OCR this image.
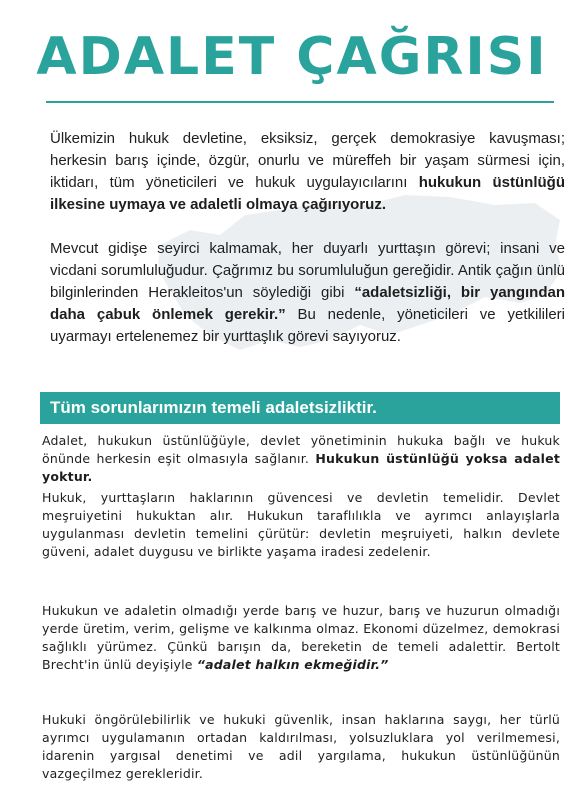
ADALET ÇAĞRISI

Ülkemizin hukuk devletine, eksiksiz, gerçek demokrasiye kavuşması; herkesin barış içinde, özgür, onurlu ve müreffeh bir yaşam sürmesi için, iktidarı, tüm yöneticileri ve hukuk uygulayıcılarını hukukun üstünlüğü ilkesine uymaya ve adaletli olmaya çağırıyoruz.

Mevcut gidişe seyirci kalmamak, her duyarlı yurttaşın görevi; insani ve vicdani sorumluluğudur. Çağrımız bu sorumluluğun gereğidir. Antik çağın ünlü bilginlerinden Herakleitos'un söylediği gibi “adaletsizliği, bir yangından daha çabuk önlemek gerekir.” Bu nedenle, yöneticileri ve yetkilileri uyarmayı ertelenemez bir yurttaşlık görevi sayıyoruz.

Tüm sorunlarımızın temeli adaletsizliktir.

Adalet, hukukun üstünlüğüyle, devlet yönetiminin hukuka bağlı ve hukuk önünde herkesin eşit olmasıyla sağlanır. Hukukun üstünlüğü yoksa adalet yoktur.

Hukuk, yurttaşların haklarının güvencesi ve devletin temelidir. Devlet meşruiyetini hukuktan alır. Hukukun taraflılıkla ve ayrımcı anlayışlarla uygulanması devletin temelini çürütür: devletin meşruiyeti, halkın devlete güveni, adalet duygusu ve birlikte yaşama iradesi zedelenir.

Hukukun ve adaletin olmadığı yerde barış ve huzur, barış ve huzurun olmadığı yerde üretim, verim, gelişme ve kalkınma olmaz. Ekonomi düzelmez, demokrasi sağlıklı yürümez. Çünkü barışın da, bereketin de temeli adalettir. Bertolt Brecht'in ünlü deyişiyle “adalet halkın ekmeğidir.”

Hukuki öngörülebilirlik ve hukuki güvenlik, insan haklarına saygı, her türlü ayrımcı uygulamanın ortadan kaldırılması, yolsuzluklara yol verilmemesi, idarenin yargısal denetimi ve adil yargılama, hukukun üstünlüğünün vazgeçilmez gerekleridir.
